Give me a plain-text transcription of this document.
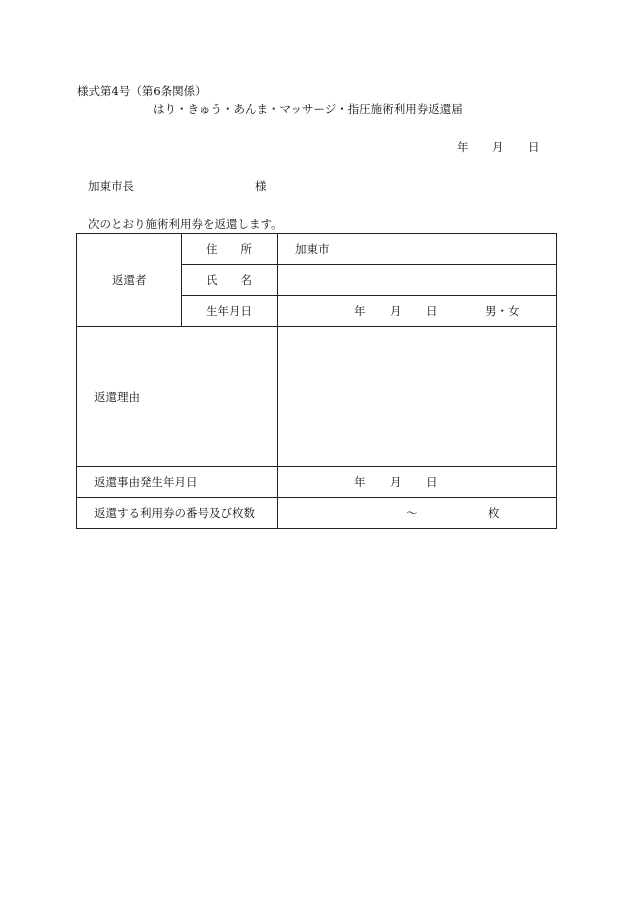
様式第4号（第6条関係）
はり・きゅう・あんま・マッサージ・指圧施術利用券返還届
年 月 日
加東市長	様
次のとおり施術利用券を返還します。
返還者	住　　所	加東市

	氏　　名	

	生年月日	年 月 日 男・女

返還理由		

返還事由発生年月日		年 月 日

返還する利用券の番号及び枚数		～ 枚
